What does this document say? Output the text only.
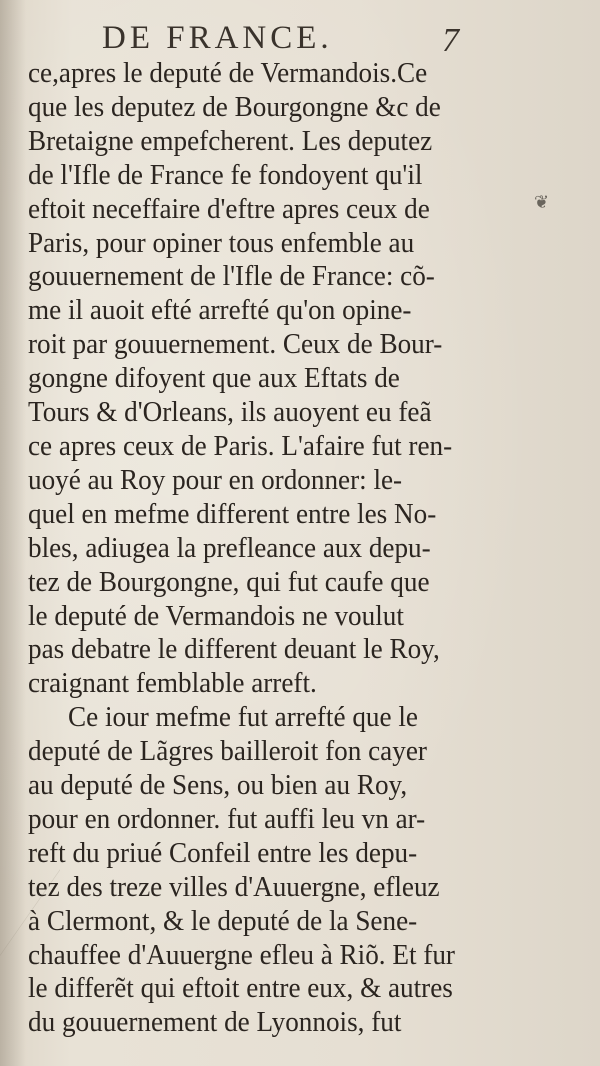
DE FRANCE.	7
ce,apres le deputé de Vermandois.Ce
que les deputez de Bourgongne &c de
Bretaigne empefcherent. Les deputez
de l'Ifle de France fe fondoyent qu'il
eftoit neceffaire d'eftre apres ceux de
Paris, pour opiner tous enfemble au
gouuernement de l'Ifle de France: cõ-
me il auoit efté arrefté qu'on opine-
roit par gouuernement. Ceux de Bour-
gongne difoyent que aux Eftats de
Tours & d'Orleans, ils auoyent eu feã
ce apres ceux de Paris. L'afaire fut ren-
uoyé au Roy pour en ordonner: le-
quel en mefme different entre les No-
bles, adiugea la prefleance aux depu-
tez de Bourgongne, qui fut caufe que
le deputé de Vermandois ne voulut
pas debatre le different deuant le Roy,
craignant femblable arreft.
Ce iour mefme fut arrefté que le
deputé de Lãgres bailleroit fon cayer
au deputé de Sens, ou bien au Roy,
pour en ordonner. fut auffi leu vn ar-
reft du priué Confeil entre les depu-
tez des treze villes d'Auuergne, efleuz
à Clermont, & le deputé de la Sene-
chauffee d'Auuergne efleu à Riõ. Et fur
le differẽt qui eftoit entre eux, & autres
du gouuernement de Lyonnois, fut
❦
